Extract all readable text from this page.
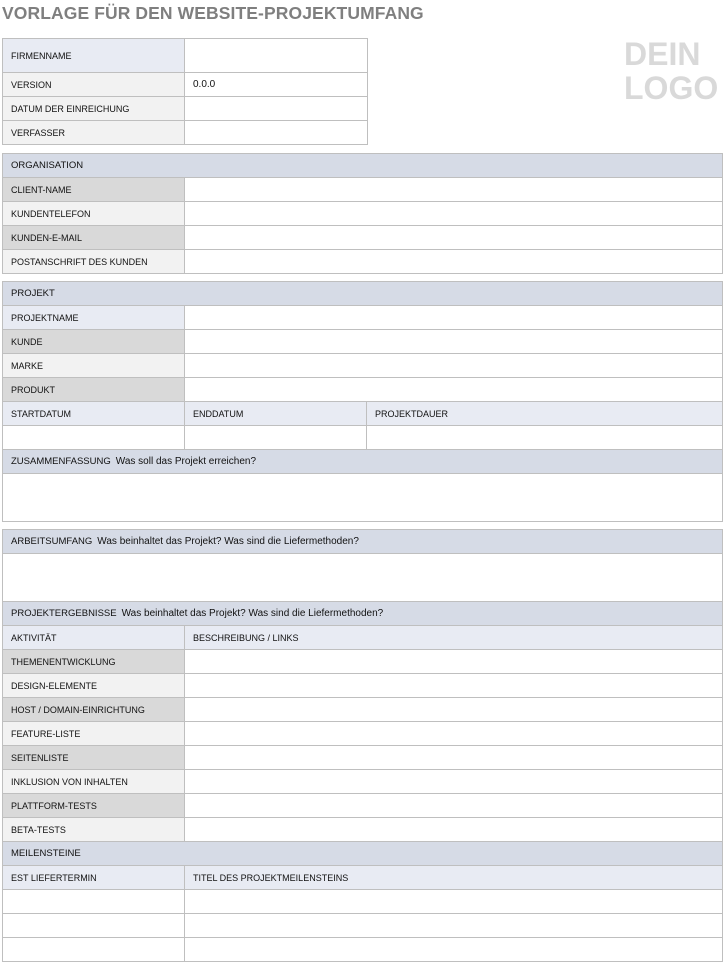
VORLAGE FÜR DEN WEBSITE-PROJEKTUMFANG
DEIN
LOGO
FIRMENNAME	
VERSION	0.0.0
DATUM DER EINREICHUNG	
VERFASSER	
ORGANISATION	
CLIENT-NAME	
KUNDENTELEFON	
KUNDEN-E-MAIL	
POSTANSCHRIFT DES KUNDEN	
PROJEKT		
PROJEKTNAME		
KUNDE		
MARKE		
PRODUKT		
STARTDATUM	ENDDATUM	PROJEKTDAUER

ZUSAMMENFASSUNG Was soll das Projekt erreichen?		

ARBEITSUMFANG Was beinhaltet das Projekt? Was sind die Liefermethoden?	

PROJEKTERGEBNISSE Was beinhaltet das Projekt? Was sind die Liefermethoden?	
AKTIVITÄT	BESCHREIBUNG / LINKS
THEMENENTWICKLUNG	
DESIGN-ELEMENTE	
HOST / DOMAIN-EINRICHTUNG	
FEATURE-LISTE	
SEITENLISTE	
INKLUSION VON INHALTEN	
PLATTFORM-TESTS	
BETA-TESTS	
MEILENSTEINE	
EST LIEFERTERMIN	TITEL DES PROJEKTMEILENSTEINS
